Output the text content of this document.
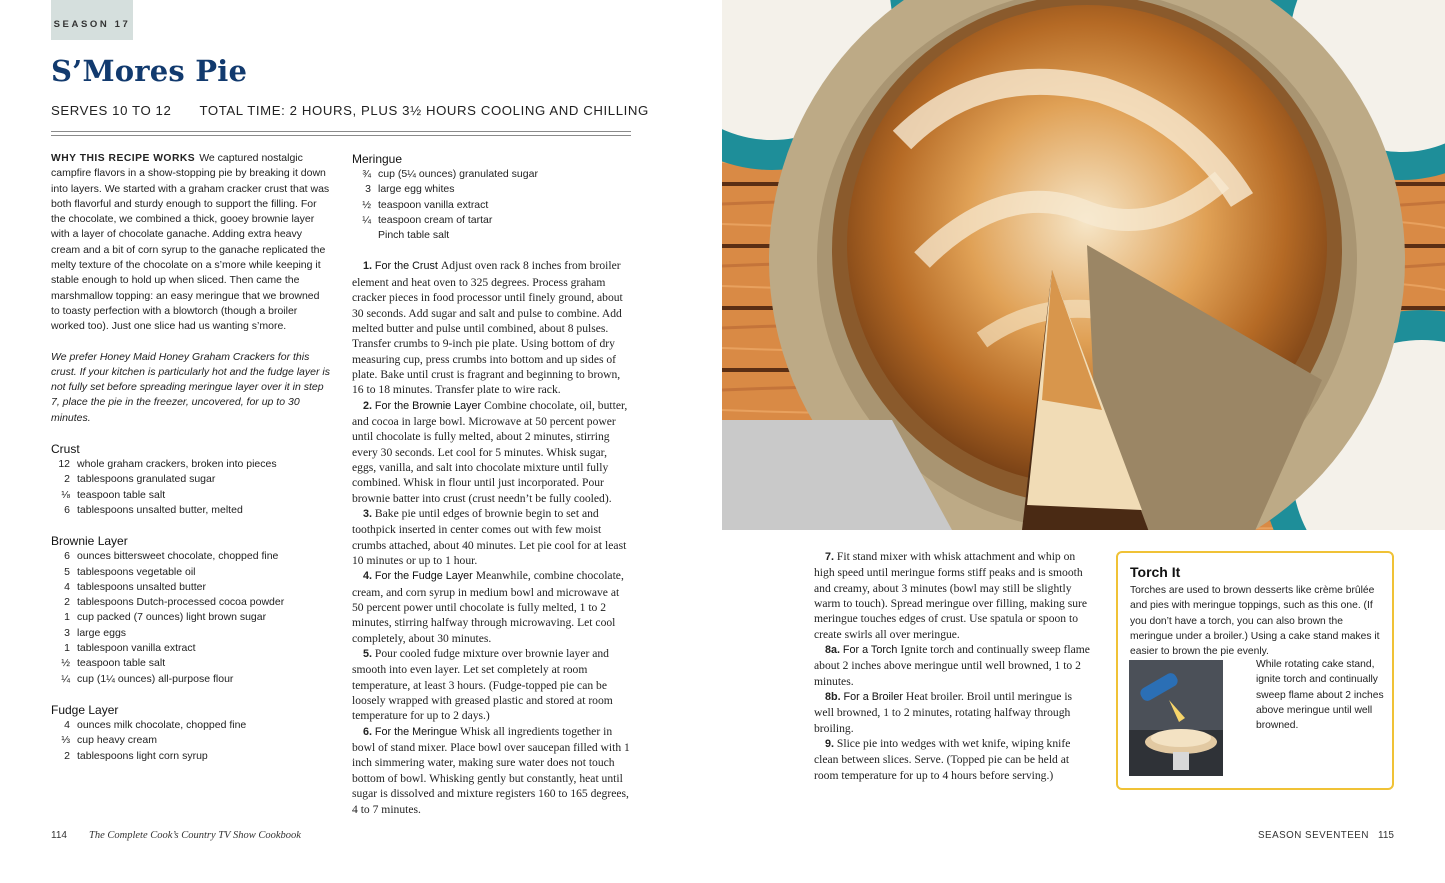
SEASON 17
S’Mores Pie
SERVES 10 TO 12 TOTAL TIME: 2 HOURS, PLUS 3½ HOURS COOLING AND CHILLING

WHY THIS RECIPE WORKS We captured nostalgic campfire flavors in a show-stopping pie by breaking it down into layers. We started with a graham cracker crust that was both flavorful and sturdy enough to support the filling. For the chocolate, we combined a thick, gooey brownie layer with a layer of chocolate ganache. Adding extra heavy cream and a bit of corn syrup to the ganache replicated the melty texture of the chocolate on a s’more while keeping it stable enough to hold up when sliced. Then came the marshmallow topping: an easy meringue that we browned to toasty perfection with a blowtorch (though a broiler worked too). Just one slice had us wanting s’more.

We prefer Honey Maid Honey Graham Crackers for this crust. If your kitchen is particularly hot and the fudge layer is not fully set before spreading meringue layer over it in step 7, place the pie in the freezer, uncovered, for up to 30 minutes.

Crust
12 whole graham crackers, broken into pieces
2 tablespoons granulated sugar
⅛ teaspoon table salt
6 tablespoons unsalted butter, melted
Brownie Layer
6 ounces bittersweet chocolate, chopped fine
5 tablespoons vegetable oil
4 tablespoons unsalted butter
2 tablespoons Dutch-processed cocoa powder
1 cup packed (7 ounces) light brown sugar
3 large eggs
1 tablespoon vanilla extract
½ teaspoon table salt
¼ cup (1¼ ounces) all-purpose flour
Fudge Layer
4 ounces milk chocolate, chopped fine
⅓ cup heavy cream
2 tablespoons light corn syrup
Meringue
¾ cup (5¼ ounces) granulated sugar
3 large egg whites
½ teaspoon vanilla extract
¼ teaspoon cream of tartar
Pinch table salt

1. For the Crust Adjust oven rack 8 inches from broiler element and heat oven to 325 degrees. Process graham cracker pieces in food processor until finely ground, about 30 seconds. Add sugar and salt and pulse to combine. Add melted butter and pulse until combined, about 8 pulses. Transfer crumbs to 9-inch pie plate. Using bottom of dry measuring cup, press crumbs into bottom and up sides of plate. Bake until crust is fragrant and beginning to brown, 16 to 18 minutes. Transfer plate to wire rack.

2. For the Brownie Layer Combine chocolate, oil, butter, and cocoa in large bowl. Microwave at 50 percent power until chocolate is fully melted, about 2 minutes, stirring every 30 seconds. Let cool for 5 minutes. Whisk sugar, eggs, vanilla, and salt into chocolate mixture until fully combined. Whisk in flour until just incorporated. Pour brownie batter into crust (crust needn’t be fully cooled).

3. Bake pie until edges of brownie begin to set and toothpick inserted in center comes out with few moist crumbs attached, about 40 minutes. Let pie cool for at least 10 minutes or up to 1 hour.

4. For the Fudge Layer Meanwhile, combine chocolate, cream, and corn syrup in medium bowl and microwave at 50 percent power until chocolate is fully melted, 1 to 2 minutes, stirring halfway through microwaving. Let cool completely, about 30 minutes.

5. Pour cooled fudge mixture over brownie layer and smooth into even layer. Let set completely at room temperature, at least 3 hours. (Fudge-topped pie can be loosely wrapped with greased plastic and stored at room temperature for up to 2 days.)

6. For the Meringue Whisk all ingredients together in bowl of stand mixer. Place bowl over saucepan filled with 1 inch simmering water, making sure water does not touch bottom of bowl. Whisking gently but constantly, heat until sugar is dissolved and mixture registers 160 to 165 degrees, 4 to 7 minutes.

7. Fit stand mixer with whisk attachment and whip on high speed until meringue forms stiff peaks and is smooth and creamy, about 3 minutes (bowl may still be slightly warm to touch). Spread meringue over filling, making sure meringue touches edges of crust. Use spatula or spoon to create swirls all over meringue.

8a. For a Torch Ignite torch and continually sweep flame about 2 inches above meringue until well browned, 1 to 2 minutes.

8b. For a Broiler Heat broiler. Broil until meringue is well browned, 1 to 2 minutes, rotating halfway through broiling.

9. Slice pie into wedges with wet knife, wiping knife clean between slices. Serve. (Topped pie can be held at room temperature for up to 4 hours before serving.)

Torch It
Torches are used to brown desserts like crème brûlée and pies with meringue toppings, such as this one. (If you don’t have a torch, you can also brown the meringue under a broiler.) Using a cake stand makes it easier to brown the pie evenly.
While rotating cake stand, ignite torch and continually sweep flame about 2 inches above meringue until well browned.
114 The Complete Cook’s Country TV Show Cookbook	SEASON SEVENTEEN 115
